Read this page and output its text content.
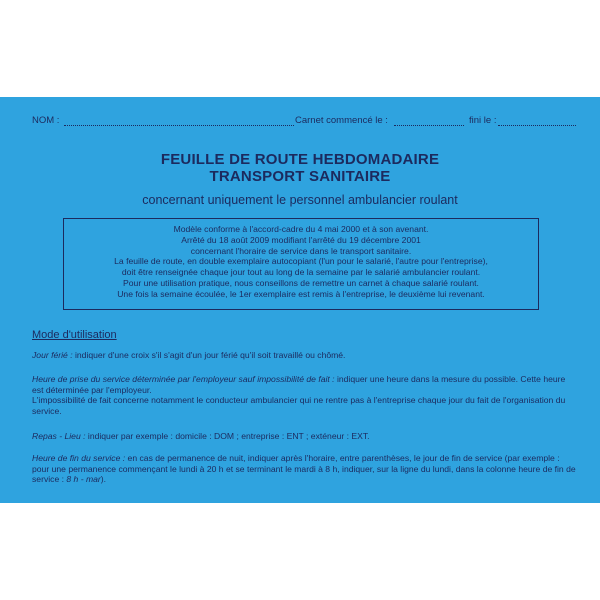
NOM :	Carnet commencé le :	fini le :
FEUILLE DE ROUTE HEBDOMADAIRE
TRANSPORT SANITAIRE
concernant uniquement le personnel ambulancier roulant
Modèle conforme à l'accord-cadre du 4 mai 2000 et à son avenant.
Arrêté du 18 août 2009 modifiant l'arrêté du 19 décembre 2001
concernant l'horaire de service dans le transport sanitaire.
La feuille de route, en double exemplaire autocopiant (l'un pour le salarié, l'autre pour l'entreprise),
doit être renseignée chaque jour tout au long de la semaine par le salarié ambulancier roulant.
Pour une utilisation pratique, nous conseillons de remettre un carnet à chaque salarié roulant.
Une fois la semaine écoulée, le 1er exemplaire est remis à l'entreprise, le deuxième lui revenant.
Mode d'utilisation
Jour férié : indiquer d'une croix s'il s'agit d'un jour férié qu'il soit travaillé ou chômé.
Heure de prise du service déterminée par l'employeur sauf impossibilité de fait : indiquer une heure dans la mesure du possible. Cette heure est déterminée par l'employeur.
L'impossibilité de fait concerne notamment le conducteur ambulancier qui ne rentre pas à l'entreprise chaque jour du fait de l'organisation du service.
Repas - Lieu : indiquer par exemple : domicile : DOM ; entreprise : ENT ; exténeur : EXT.
Heure de fin du service : en cas de permanence de nuit, indiquer après l'horaire, entre parenthèses, le jour de fin de service (par exemple : pour une permanence commençant le lundi à 20 h et se terminant le mardi à 8 h, indiquer, sur la ligne du lundi, dans la colonne heure de fin de service : 8 h - mar).
